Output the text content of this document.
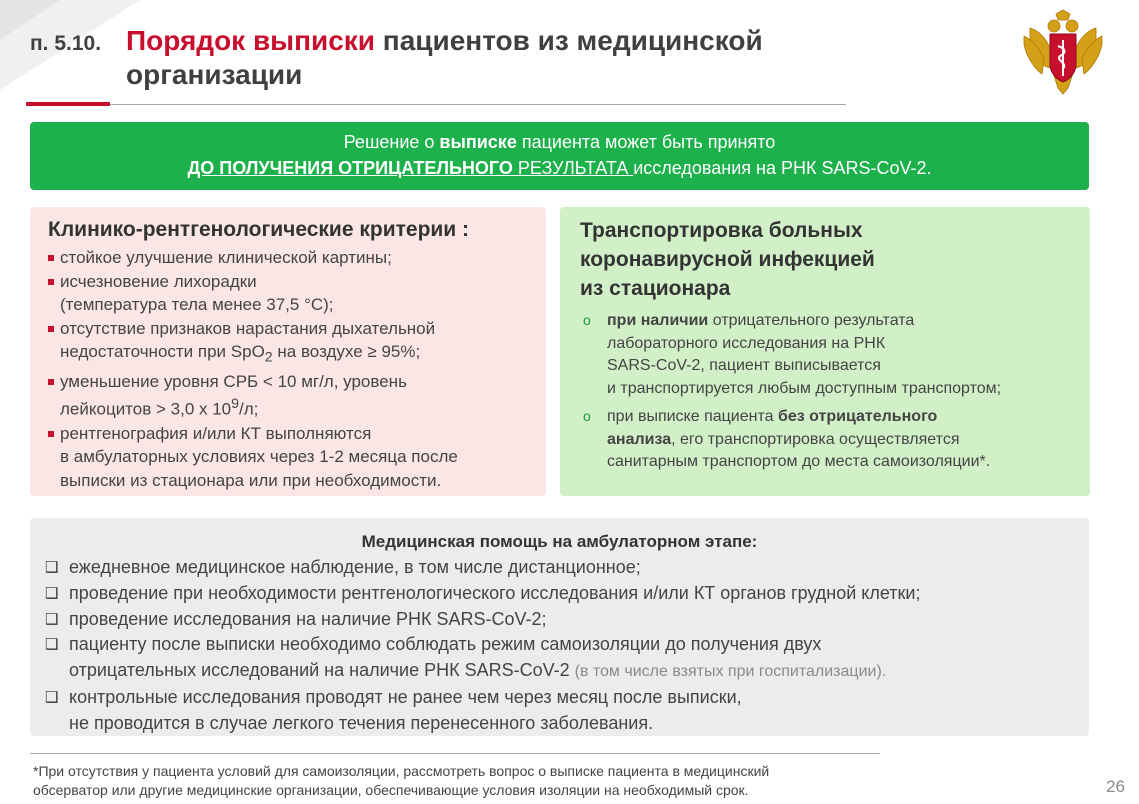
п. 5.10. Порядок выписки пациентов из медицинской
организации
Решение о выписке пациента может быть принято
ДО ПОЛУЧЕНИЯ ОТРИЦАТЕЛЬНОГО РЕЗУЛЬТАТА исследования на РНК SARS-CoV-2.
Клинико-рентгенологические критерии :
стойкое улучшение клинической картины;
исчезновение лихорадки
(температура тела менее 37,5 °С);
отсутствие признаков нарастания дыхательной
недостаточности при SpO$_2$ на воздухе ≥ 95%;
уменьшение уровня СРБ < 10 мг/л, уровень
лейкоцитов > 3,0 х $10^9/л$;
рентгенография и/или КТ выполняются
в амбулаторных условиях через 1-2 месяца после
выписки из стационара или при необходимости.
Транспортировка больных
коронавирусной инфекцией
из стационара
o при наличии отрицательного результата
лабораторного исследования на РНК
SARS-CoV-2, пациент выписывается
и транспортируется любым доступным транспортом;
o при выписке пациента без отрицательного
анализа, его транспортировка осуществляется
санитарным транспортом до места самоизоляции*.
Медицинская помощь на амбулаторном этапе:
❑ ежедневное медицинское наблюдение, в том числе дистанционное;
❑ проведение при необходимости рентгенологического исследования и/или КТ органов грудной клетки;
❑ проведение исследования на наличие РНК SARS-CoV-2;
❑ пациенту после выписки необходимо соблюдать режим самоизоляции до получения двух
отрицательных исследований на наличие РНК SARS-CoV-2 (в том числе взятых при госпитализации).
❑ контрольные исследования проводят не ранее чем через месяц после выписки,
не проводится в случае легкого течения перенесенного заболевания.
*При отсутствия у пациента условий для самоизоляции, рассмотреть вопрос о выписке пациента в медицинский
обсерватор или другие медицинские организации, обеспечивающие условия изоляции на необходимый срок.	26
